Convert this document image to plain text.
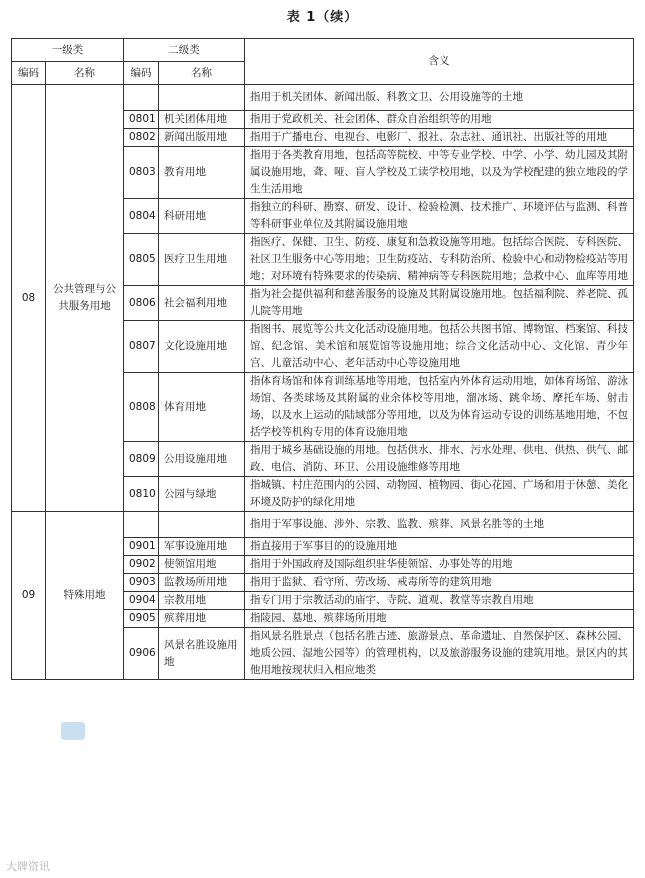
表 1（续）
一级类		二级类		含义
编码	名称	编码	名称	
08	公共管理与公共服务用地			指用于机关团体、新闻出版、科教文卫、公用设施等的土地
		0801	机关团体用地	指用于党政机关、社会团体、群众自治组织等的用地
		0802	新闻出版用地	指用于广播电台、电视台、电影厂、报社、杂志社、通讯社、出版社等的用地
		0803	教育用地	指用于各类教育用地，包括高等院校、中等专业学校、中学、小学、幼儿园及其附属设施用地，聋、哑、盲人学校及工读学校用地，以及为学校配建的独立地段的学生生活用地
		0804	科研用地	指独立的科研、勘察、研发、设计、检验检测、技术推广、环境评估与监测、科普等科研事业单位及其附属设施用地
		0805	医疗卫生用地	指医疗、保健、卫生、防疫、康复和急救设施等用地。包括综合医院、专科医院、社区卫生服务中心等用地；卫生防疫站、专科防治所、检验中心和动物检疫站等用地；对环境有特殊要求的传染病、精神病等专科医院用地；急救中心、血库等用地
		0806	社会福利用地	指为社会提供福利和慈善服务的设施及其附属设施用地。包括福利院、养老院、孤儿院等用地
		0807	文化设施用地	指图书、展览等公共文化活动设施用地。包括公共图书馆、博物馆、档案馆、科技馆、纪念馆、美术馆和展览馆等设施用地；综合文化活动中心、文化馆、青少年宫、儿童活动中心、老年活动中心等设施用地
		0808	体育用地	指体育场馆和体育训练基地等用地，包括室内外体育运动用地，如体育场馆、游泳场馆、各类球场及其附属的业余体校等用地，溜冰场、跳伞场、摩托车场、射击场，以及水上运动的陆域部分等用地，以及为体育运动专设的训练基地用地，不包括学校等机构专用的体育设施用地
		0809	公用设施用地	指用于城乡基础设施的用地。包括供水、排水、污水处理、供电、供热、供气、邮政、电信、消防、环卫、公用设施维修等用地
		0810	公园与绿地	指城镇、村庄范围内的公园、动物园、植物园、街心花园、广场和用于休憩、美化环境及防护的绿化用地
09	特殊用地			指用于军事设施、涉外、宗教、监教、殡葬、风景名胜等的土地
		0901	军事设施用地	指直接用于军事目的的设施用地
		0902	使领馆用地	指用于外国政府及国际组织驻华使领馆、办事处等的用地
		0903	监教场所用地	指用于监狱、看守所、劳改场、戒毒所等的建筑用地
		0904	宗教用地	指专门用于宗教活动的庙宇、寺院、道观、教堂等宗教自用地
		0905	殡葬用地	指陵园、墓地、殡葬场所用地
		0906	风景名胜设施用地	指风景名胜景点（包括名胜古迹、旅游景点、革命遗址、自然保护区、森林公园、地质公园、湿地公园等）的管理机构，以及旅游服务设施的建筑用地。景区内的其他用地按现状归入相应地类
大牌资讯
